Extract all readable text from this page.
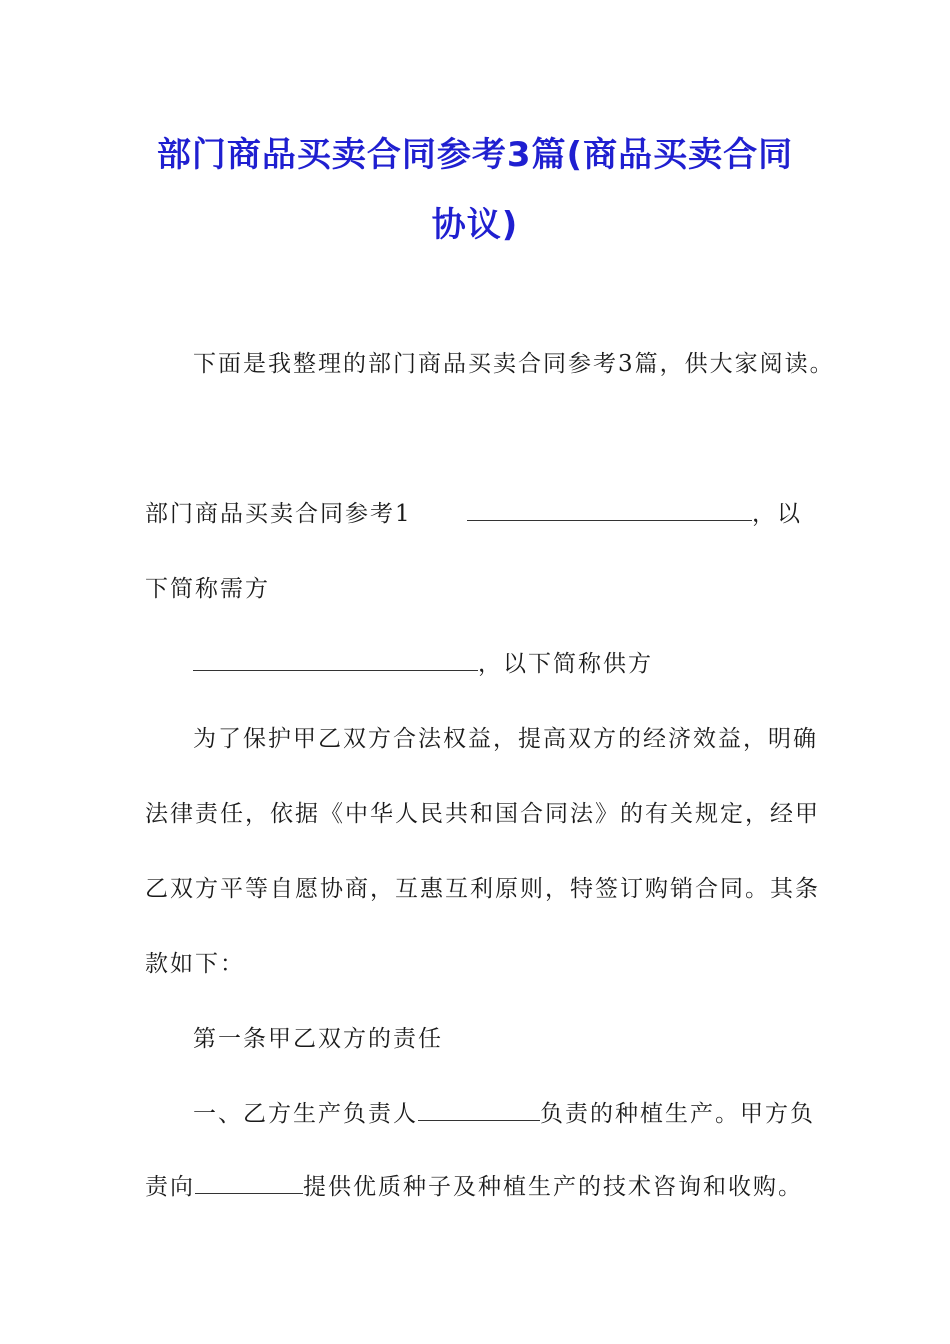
部门商品买卖合同参考3篇(商品买卖合同
协议)
下面是我整理的部门商品买卖合同参考3篇，供大家阅读。
部门商品买卖合同参考1	，以
下简称需方
，以下简称供方
为了保护甲乙双方合法权益，提高双方的经济效益，明确
法律责任，依据《中华人民共和国合同法》的有关规定，经甲
乙双方平等自愿协商，互惠互利原则，特签订购销合同。其条
款如下：
第一条甲乙双方的责任
一、乙方生产负责人	负责的种植生产。甲方负
责向	提供优质种子及种植生产的技术咨询和收购。
